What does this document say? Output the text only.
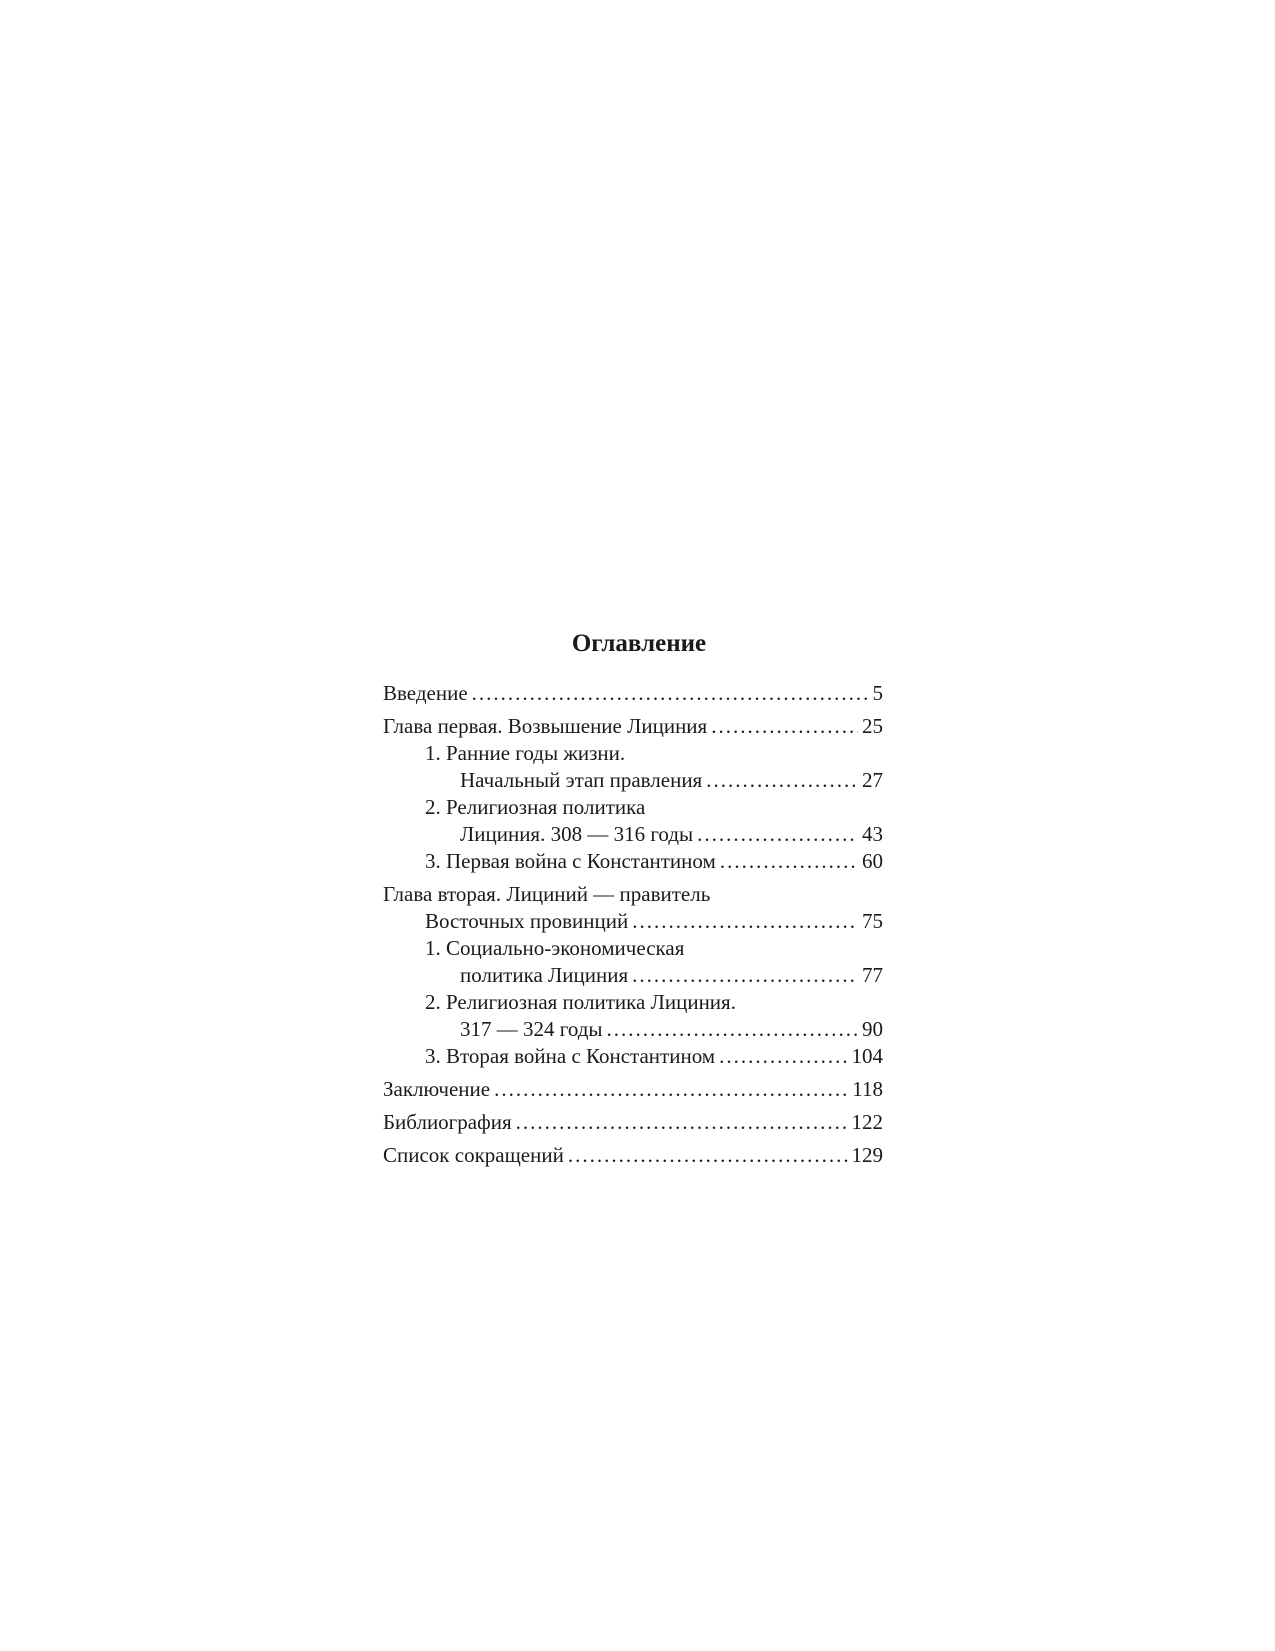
Оглавление
Введение .....	5
Глава первая. Возвышение Лициния .....	25
1. Ранние годы жизни.
Начальный этап правления .....	27
2. Религиозная политика
Лициния. 308 — 316 годы .....	43
3. Первая война с Константином .....	60
Глава вторая. Лициний — правитель
Восточных провинций .....	75
1. Социально-экономическая
политика Лициния .....	77
2. Религиозная политика Лициния.
317 — 324 годы .....	90
3. Вторая война с Константином .....	104
Заключение .....	118
Библиография .....	122
Список сокращений .....	129
